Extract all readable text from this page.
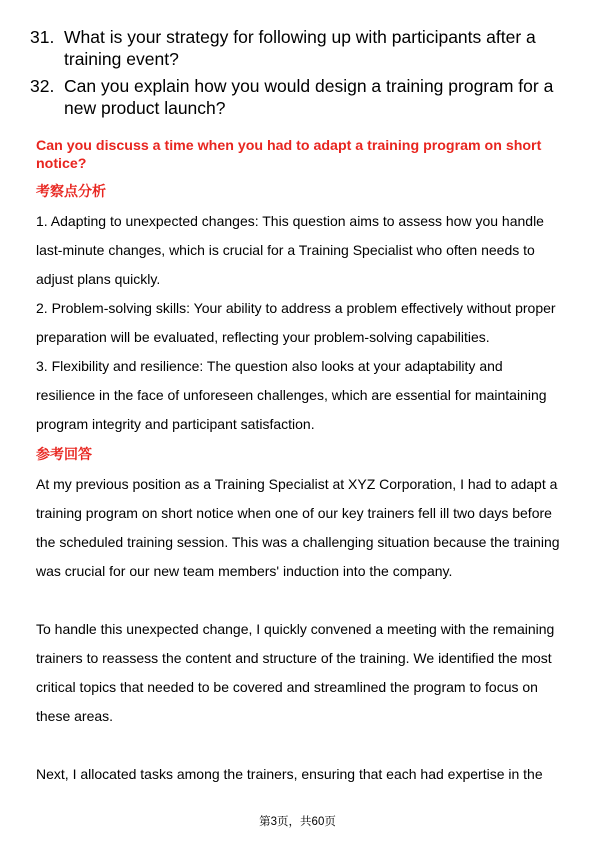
31. What is your strategy for following up with participants after a training event?
32. Can you explain how you would design a training program for a new product launch?
Can you discuss a time when you had to adapt a training program on short notice?
考察点分析

1. Adapting to unexpected changes: This question aims to assess how you handle last-minute changes, which is crucial for a Training Specialist who often needs to adjust plans quickly.

2. Problem-solving skills: Your ability to address a problem effectively without proper preparation will be evaluated, reflecting your problem-solving capabilities.

3. Flexibility and resilience: The question also looks at your adaptability and resilience in the face of unforeseen challenges, which are essential for maintaining program integrity and participant satisfaction.

参考回答

At my previous position as a Training Specialist at XYZ Corporation, I had to adapt a training program on short notice when one of our key trainers fell ill two days before the scheduled training session. This was a challenging situation because the training was crucial for our new team members' induction into the company.

To handle this unexpected change, I quickly convened a meeting with the remaining trainers to reassess the content and structure of the training. We identified the most critical topics that needed to be covered and streamlined the program to focus on these areas.

Next, I allocated tasks among the trainers, ensuring that each had expertise in the

第3页，共60页
